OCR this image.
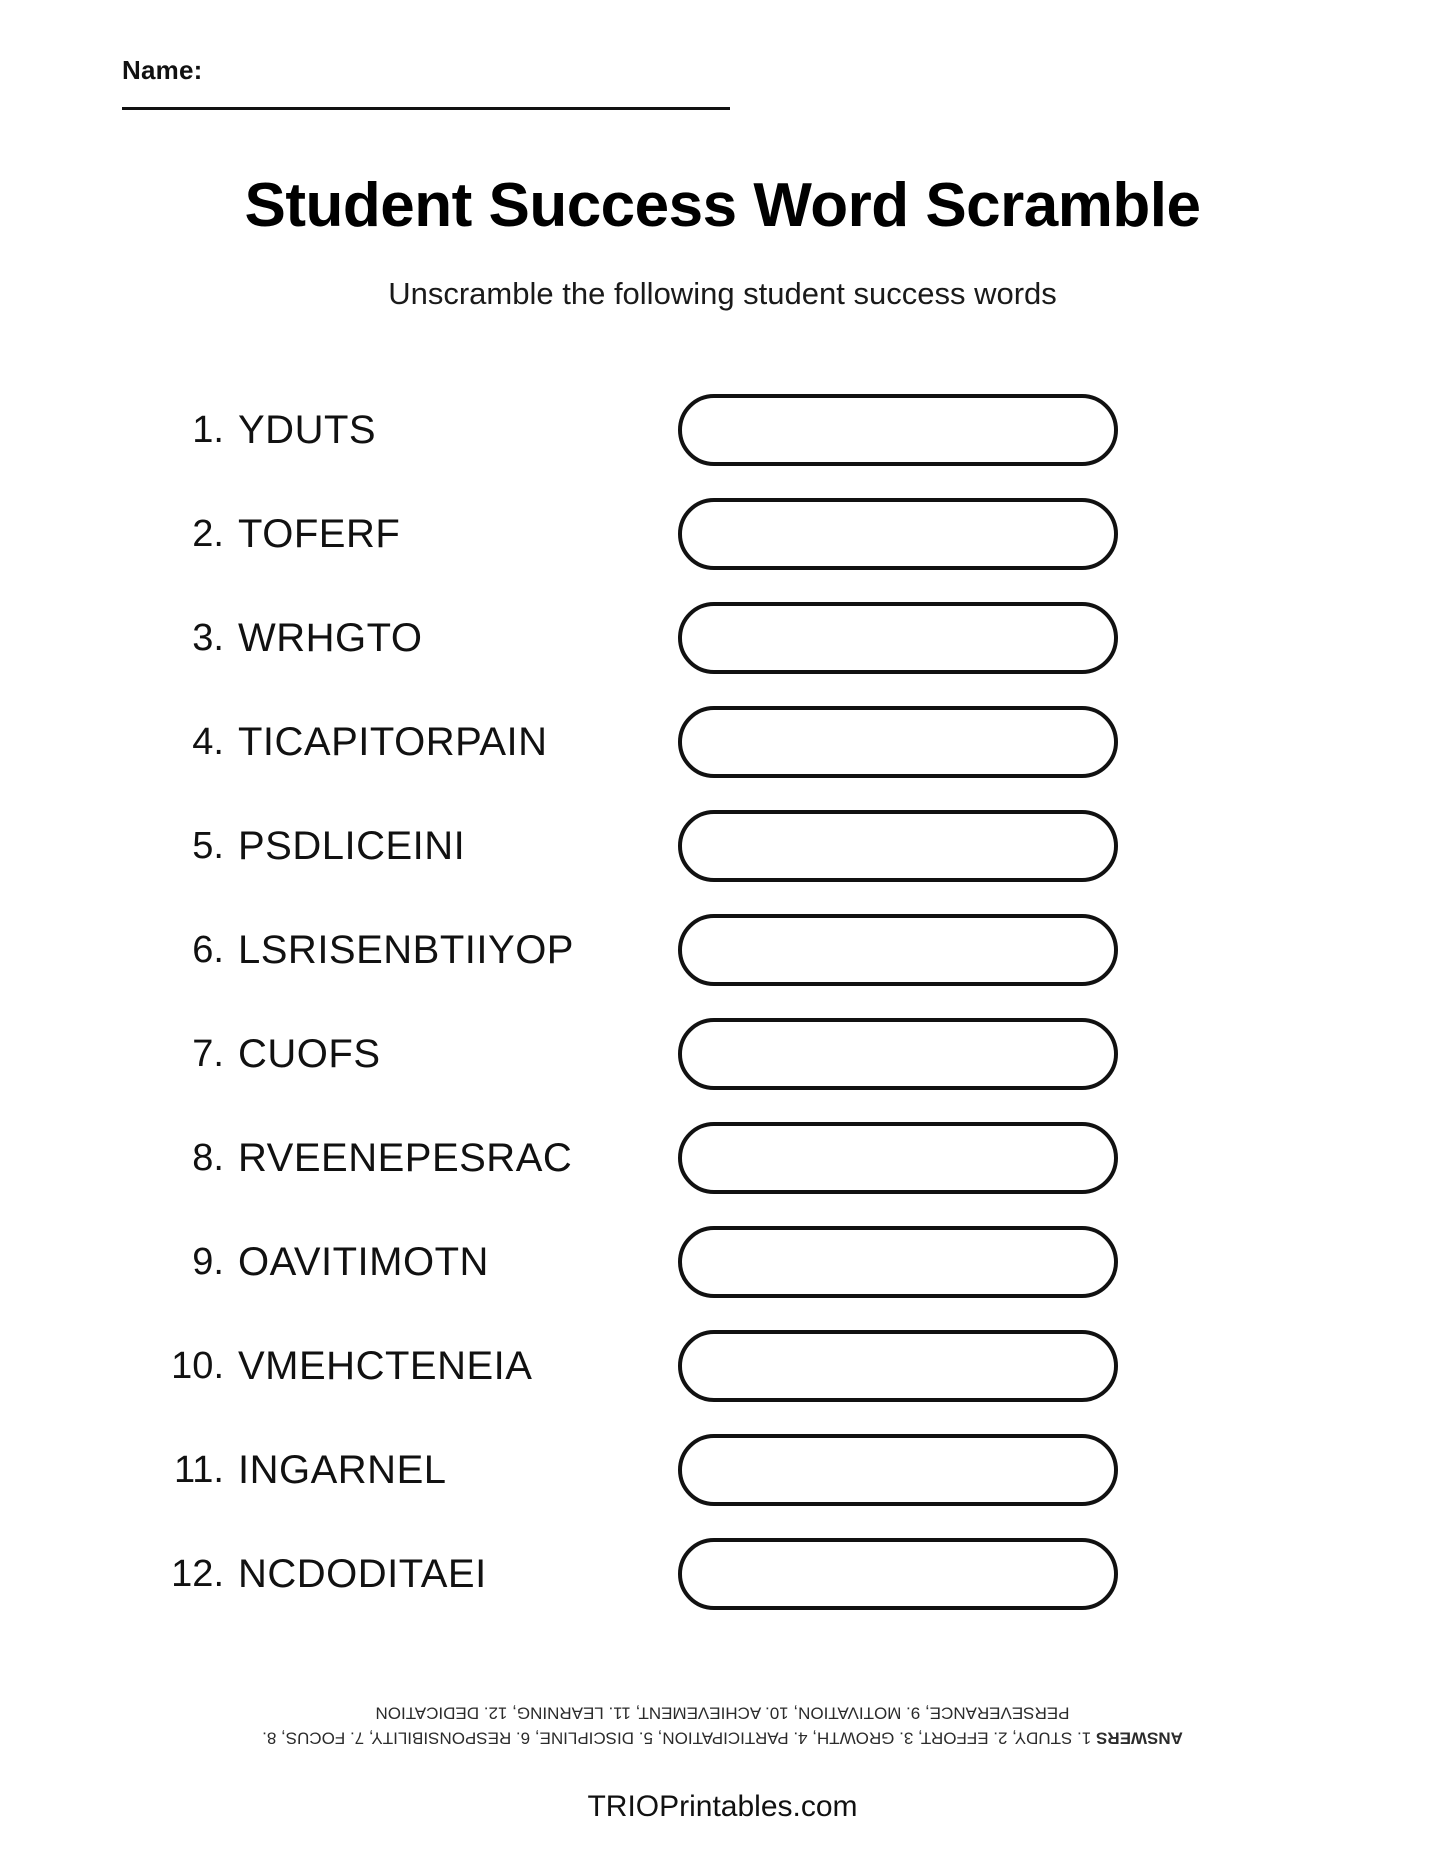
Name:
Student Success Word Scramble
Unscramble the following student success words
1. YDUTS
2. TOFERF
3. WRHGTO
4. TICAPITORPAIN
5. PSDLICEINI
6. LSRISENBTIIYOP
7. CUOFS
8. RVEENEPESRAC
9. OAVITIMOTN
10. VMEHCTENEIA
11. INGARNEL
12. NCDODITAEI
ANSWERS 1. STUDY, 2. EFFORT, 3. GROWTH, 4. PARTICIPATION, 5. DISCIPLINE, 6. RESPONSIBILITY, 7. FOCUS, 8. PERSEVERANCE, 9. MOTIVATION, 10. ACHIEVEMENT, 11. LEARNING, 12. DEDICATION
TRIOPrintables.com
